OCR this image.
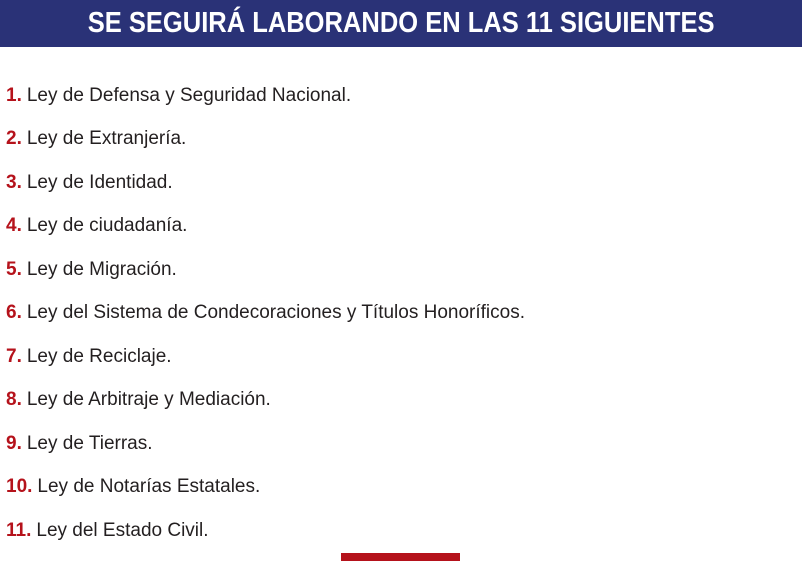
SE SEGUIRÁ LABORANDO EN LAS 11 SIGUIENTES
1. Ley de Defensa y Seguridad Nacional.
2. Ley de Extranjería.
3. Ley de Identidad.
4. Ley de ciudadanía.
5. Ley de Migración.
6. Ley del Sistema de Condecoraciones y Títulos Honoríficos.
7. Ley de Reciclaje.
8. Ley de Arbitraje y Mediación.
9. Ley de Tierras.
10. Ley de Notarías Estatales.
11. Ley del Estado Civil.
